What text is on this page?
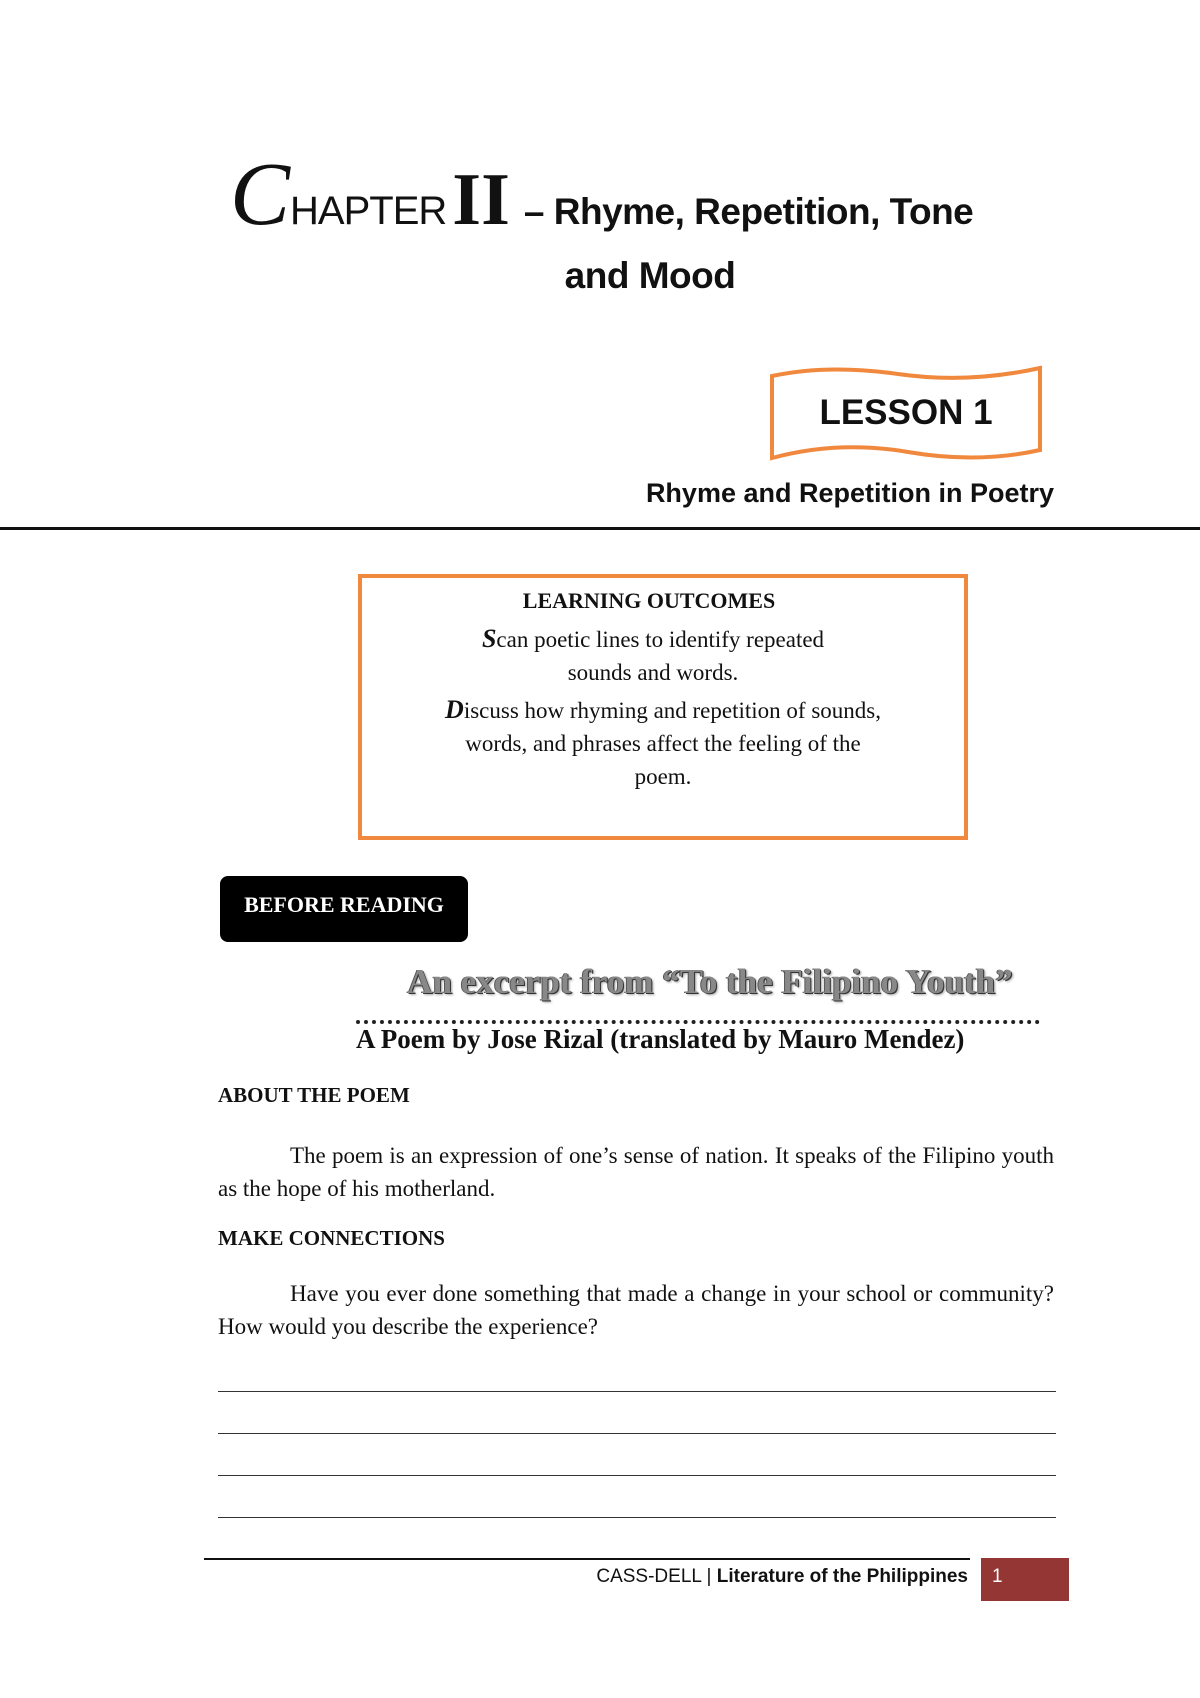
CHAPTERII – Rhyme, Repetition, Tone
and Mood
LESSON 1
Rhyme and Repetition in Poetry
LEARNING OUTCOMES
Scan poetic lines to identify repeated sounds and words.
Discuss how rhyming and repetition of sounds, words, and phrases affect the feeling of the poem.
BEFORE READING
An excerpt from “To the Filipino Youth”
A Poem by Jose Rizal (translated by Mauro Mendez)
ABOUT THE POEM
The poem is an expression of one’s sense of nation. It speaks of the Filipino youth as the hope of his motherland.
MAKE CONNECTIONS
Have you ever done something that made a change in your school or community? How would you describe the experience?
CASS-DELL | Literature of the Philippines 1
